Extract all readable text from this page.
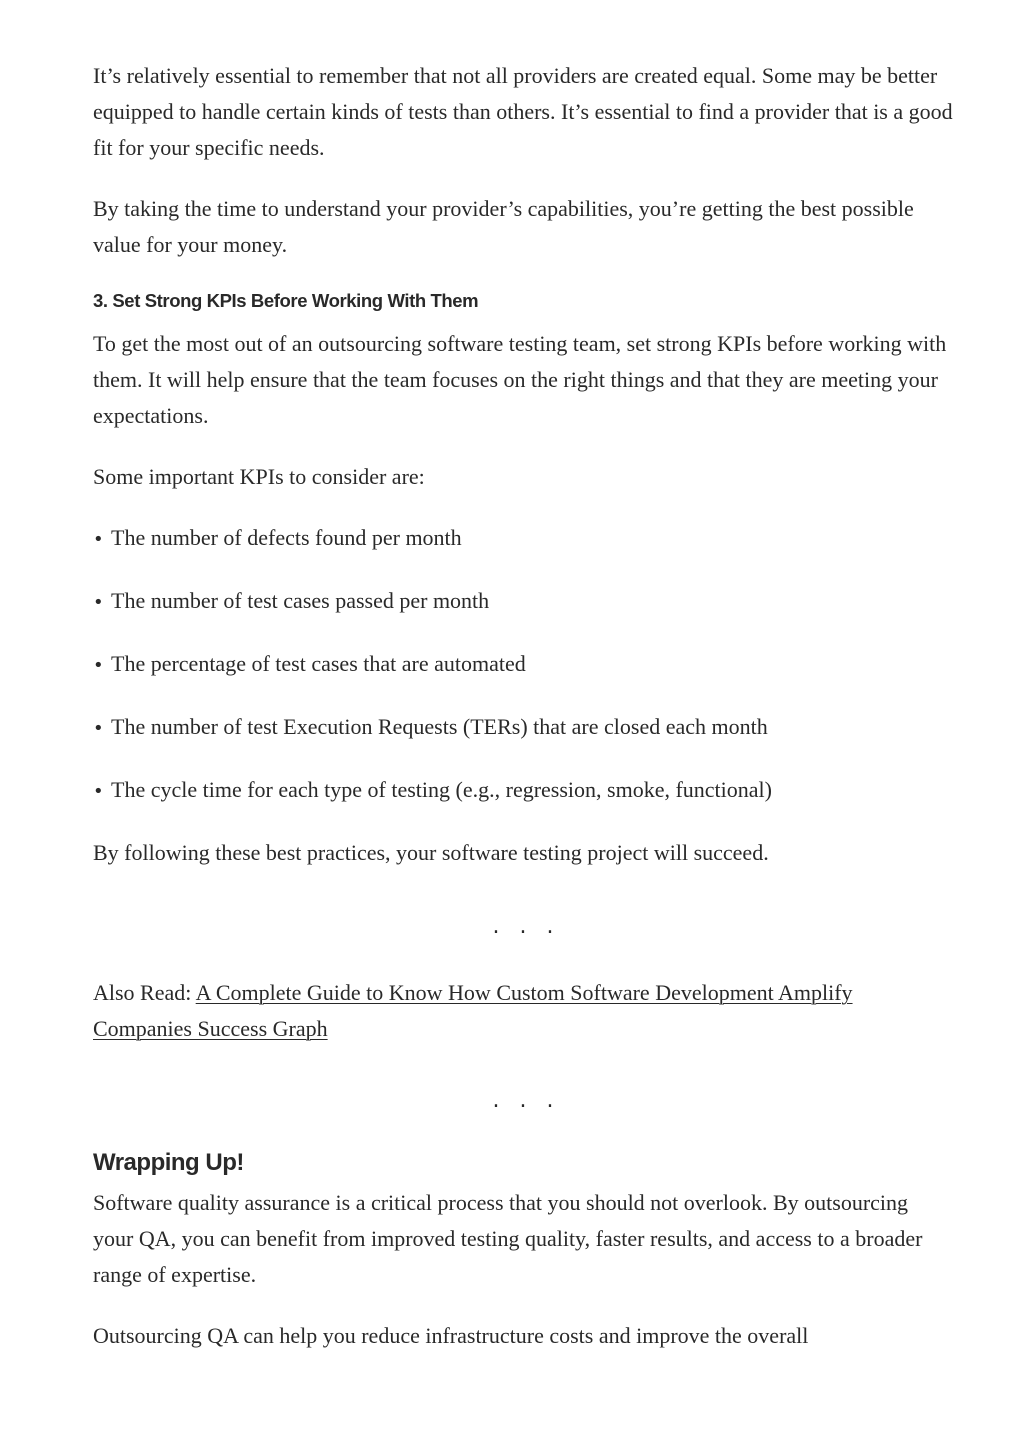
It’s relatively essential to remember that not all providers are created equal. Some may be better equipped to handle certain kinds of tests than others. It’s essential to find a provider that is a good fit for your specific needs.

By taking the time to understand your provider’s capabilities, you’re getting the best possible value for your money.

3. Set Strong KPIs Before Working With Them

To get the most out of an outsourcing software testing team, set strong KPIs before working with them. It will help ensure that the team focuses on the right things and that they are meeting your expectations.

Some important KPIs to consider are:

• The number of defects found per month
• The number of test cases passed per month
• The percentage of test cases that are automated
• The number of test Execution Requests (TERs) that are closed each month
• The cycle time for each type of testing (e.g., regression, smoke, functional)

By following these best practices, your software testing project will succeed.

...

Also Read: A Complete Guide to Know How Custom Software Development Amplify Companies Success Graph

...
Wrapping Up!

Software quality assurance is a critical process that you should not overlook. By outsourcing your QA, you can benefit from improved testing quality, faster results, and access to a broader range of expertise.

Outsourcing QA can help you reduce infrastructure costs and improve the overall
